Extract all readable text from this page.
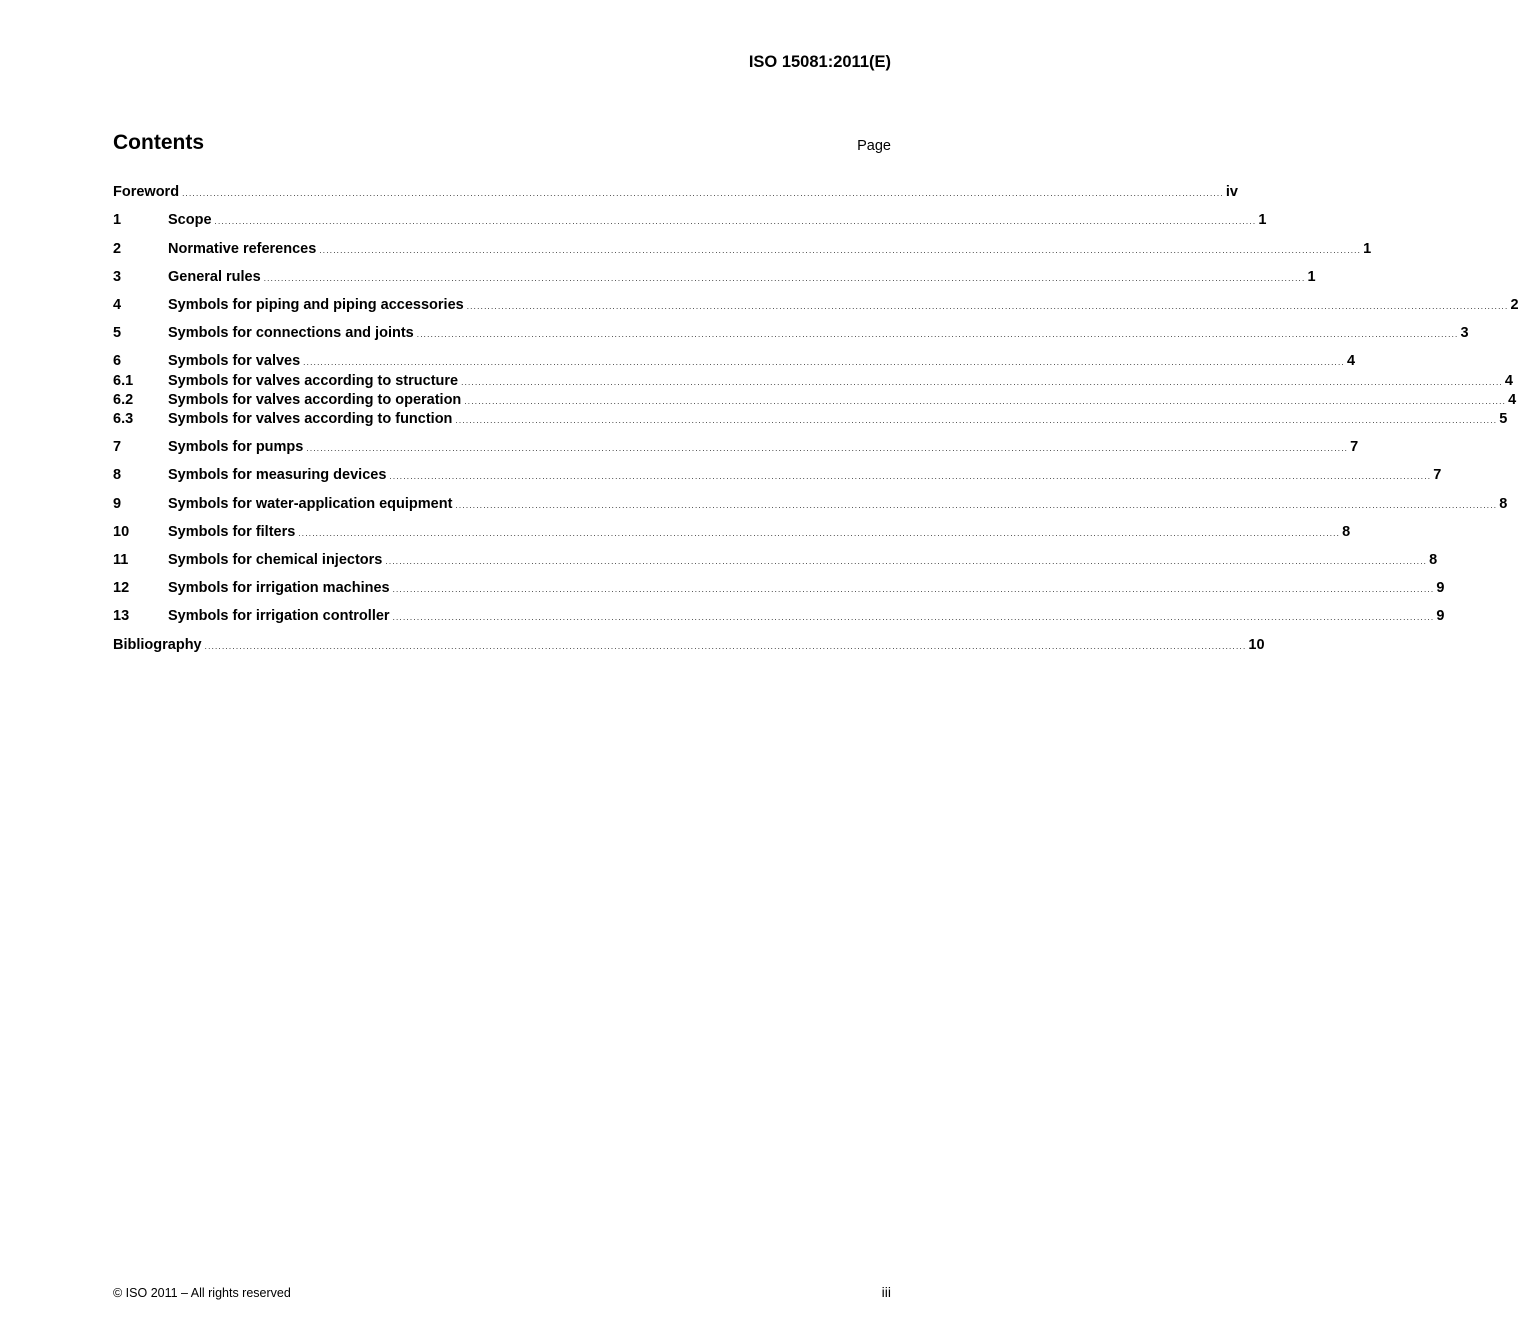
ISO 15081:2011(E)
Contents	Page
Foreword ............................................................................................................................................................................................................................................................................................................ iv
1	Scope ............................................................................................................................................................................................................................................................................................................ 1
2	Normative references ............................................................................................................................................................................................................................................................................................................ 1
3	General rules ............................................................................................................................................................................................................................................................................................................ 1
4	Symbols for piping and piping accessories ............................................................................................................................................................................................................................................................................................................ 2
5	Symbols for connections and joints ............................................................................................................................................................................................................................................................................................................ 3
6	Symbols for valves ............................................................................................................................................................................................................................................................................................................ 4
6.1	Symbols for valves according to structure ............................................................................................................................................................................................................................................................................................................ 4
6.2	Symbols for valves according to operation ............................................................................................................................................................................................................................................................................................................ 4
6.3	Symbols for valves according to function ............................................................................................................................................................................................................................................................................................................ 5
7	Symbols for pumps ............................................................................................................................................................................................................................................................................................................ 7
8	Symbols for measuring devices ............................................................................................................................................................................................................................................................................................................ 7
9	Symbols for water-application equipment ............................................................................................................................................................................................................................................................................................................ 8
10	Symbols for filters ............................................................................................................................................................................................................................................................................................................ 8
11	Symbols for chemical injectors ............................................................................................................................................................................................................................................................................................................ 8
12	Symbols for irrigation machines ............................................................................................................................................................................................................................................................................................................ 9
13	Symbols for irrigation controller ............................................................................................................................................................................................................................................................................................................ 9
Bibliography ............................................................................................................................................................................................................................................................................................................ 10
© ISO 2011 – All rights reserved	iii
